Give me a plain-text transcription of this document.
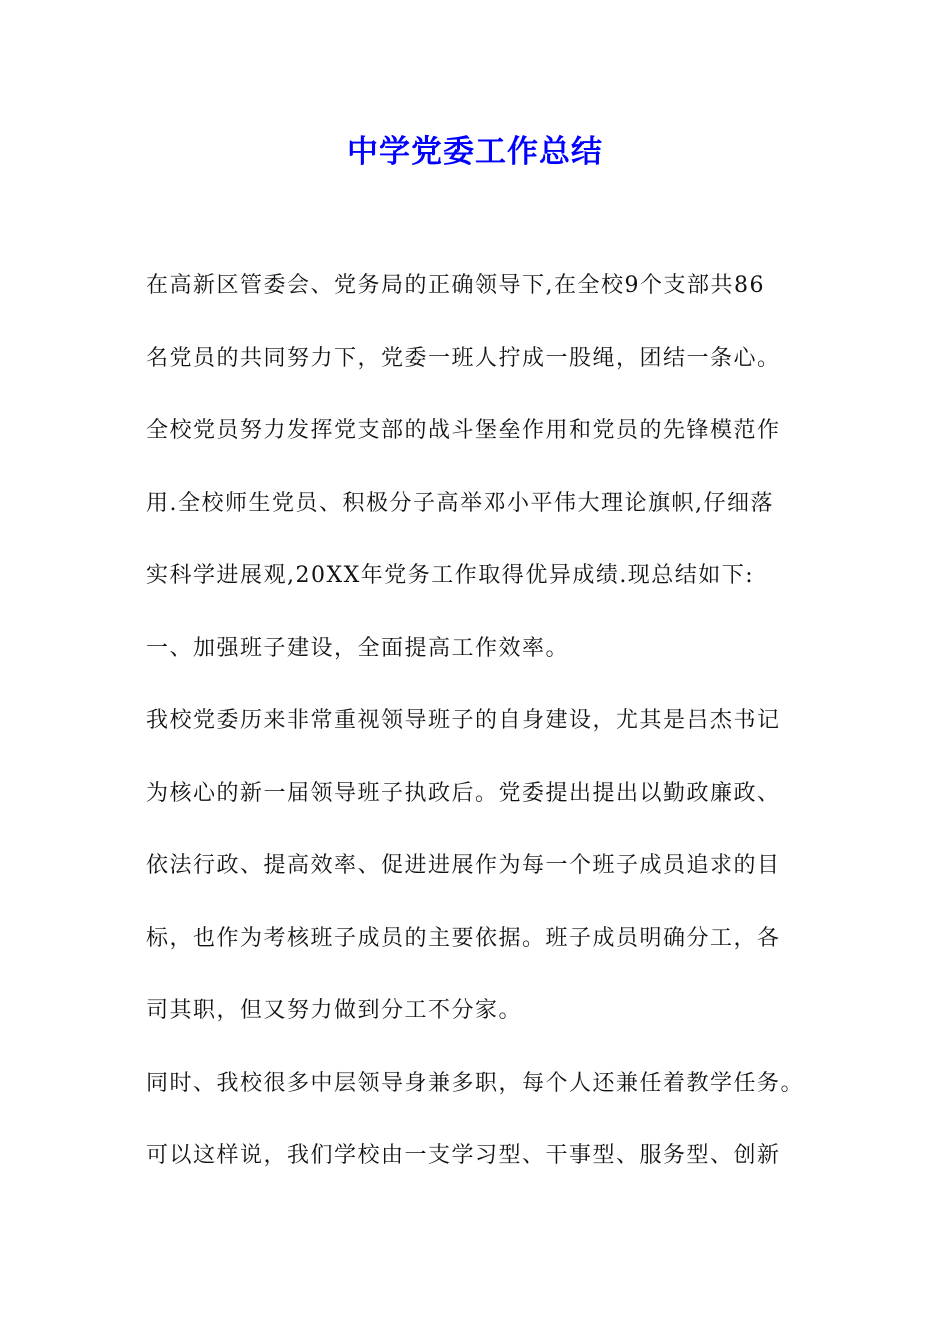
中学党委工作总结
在高新区管委会、党务局的正确领导下,在全校9个支部共86
名党员的共同努力下，党委一班人拧成一股绳，团结一条心。
全校党员努力发挥党支部的战斗堡垒作用和党员的先锋模范作
用.全校师生党员、积极分子高举邓小平伟大理论旗帜,仔细落
实科学进展观,20XX年党务工作取得优异成绩.现总结如下:
一、加强班子建设，全面提高工作效率。
我校党委历来非常重视领导班子的自身建设，尤其是吕杰书记
为核心的新一届领导班子执政后。党委提出提出以勤政廉政、
依法行政、提高效率、促进进展作为每一个班子成员追求的目
标，也作为考核班子成员的主要依据。班子成员明确分工，各
司其职，但又努力做到分工不分家。
同时、我校很多中层领导身兼多职，每个人还兼任着教学任务。
可以这样说，我们学校由一支学习型、干事型、服务型、创新
